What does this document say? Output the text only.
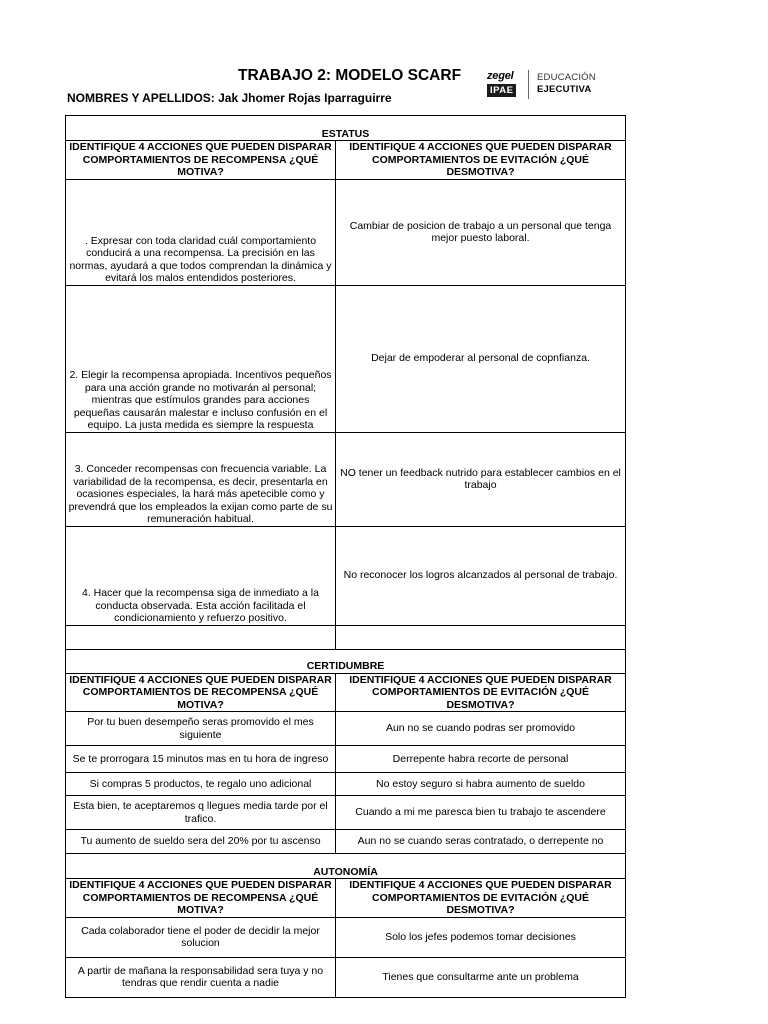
TRABAJO 2: MODELO SCARF
NOMBRES Y APELLIDOS: Jak Jhomer Rojas Iparraguirre
zegel
IPAE
EDUCACIÓN
EJECUTIVA
ESTATUS	
IDENTIFIQUE 4 ACCIONES QUE PUEDEN DISPARAR COMPORTAMIENTOS DE RECOMPENSA ¿QUÉ MOTIVA?	IDENTIFIQUE 4 ACCIONES QUE PUEDEN DISPARAR COMPORTAMIENTOS DE EVITACIÓN ¿QUÉ DESMOTIVA?
. Expresar con toda claridad cuál comportamiento conducirá a una recompensa. La precisión en las normas, ayudará a que todos comprendan la dinámica y evitará los malos entendidos posteriores.	Cambiar de posicion de trabajo a un personal que tenga mejor puesto laboral.
2. Elegir la recompensa apropiada. Incentivos pequeños para una acción grande no motivarán al personal; mientras que estímulos grandes para acciones pequeñas causarán malestar e incluso confusión en el equipo. La justa medida es siempre la respuesta	Dejar de empoderar al personal de copnfianza.
3. Conceder recompensas con frecuencia variable. La variabilidad de la recompensa, es decir, presentarla en ocasiones especiales, la hará más apetecible como y prevendrá que los empleados la exijan como parte de su remuneración habitual.	NO tener un feedback nutrido para establecer cambios en el trabajo
4. Hacer que la recompensa siga de inmediato a la conducta observada. Esta acción facilitada el condicionamiento y refuerzo positivo.	No reconocer los logros alcanzados al personal de trabajo.

CERTIDUMBRE	
IDENTIFIQUE 4 ACCIONES QUE PUEDEN DISPARAR COMPORTAMIENTOS DE RECOMPENSA ¿QUÉ MOTIVA?	IDENTIFIQUE 4 ACCIONES QUE PUEDEN DISPARAR COMPORTAMIENTOS DE EVITACIÓN ¿QUÉ DESMOTIVA?
Por tu buen desempeño seras promovido el mes siguiente	Aun no se cuando podras ser promovido
Se te prorrogara 15 minutos mas en tu hora de ingreso	Derrepente habra recorte de personal
Si compras 5 productos, te regalo uno adicional	No estoy seguro si habra aumento de sueldo
Esta bien, te aceptaremos q llegues media tarde por el trafico.	Cuando a mi me paresca bien tu trabajo te ascendere
Tu aumento de sueldo sera del 20% por tu ascenso	Aun no se cuando seras contratado, o derrepente no
AUTONOMÍA	
IDENTIFIQUE 4 ACCIONES QUE PUEDEN DISPARAR COMPORTAMIENTOS DE RECOMPENSA ¿QUÉ MOTIVA?	IDENTIFIQUE 4 ACCIONES QUE PUEDEN DISPARAR COMPORTAMIENTOS DE EVITACIÓN ¿QUÉ DESMOTIVA?
Cada colaborador tiene el poder de decidir la mejor solucion	Solo los jefes podemos tomar decisiones
A partir de mañana la responsabilidad sera tuya y no tendras que rendir cuenta a nadie	Tienes que consultarme ante un problema
